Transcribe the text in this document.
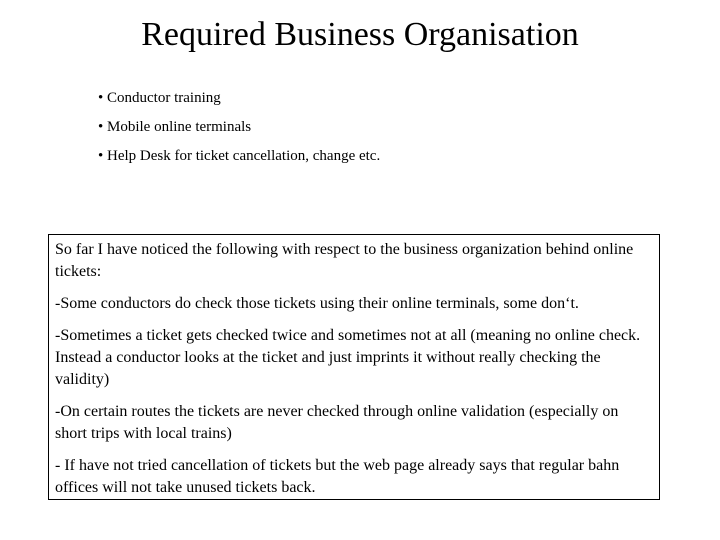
Required Business Organisation
• Conductor training
• Mobile online terminals
• Help Desk for ticket cancellation, change etc.

So far I have noticed the following with respect to the business organization behind online tickets:

-Some conductors do check those tickets using their online terminals, some don‘t.

-Sometimes a ticket gets checked twice and sometimes not at all (meaning no online check. Instead a conductor looks at the ticket and just imprints it without really checking the validity)

-On certain routes the tickets are never checked through online validation (especially on short trips with local trains)

- If have not tried cancellation of tickets but the web page already says that regular bahn offices will not take unused tickets back.
